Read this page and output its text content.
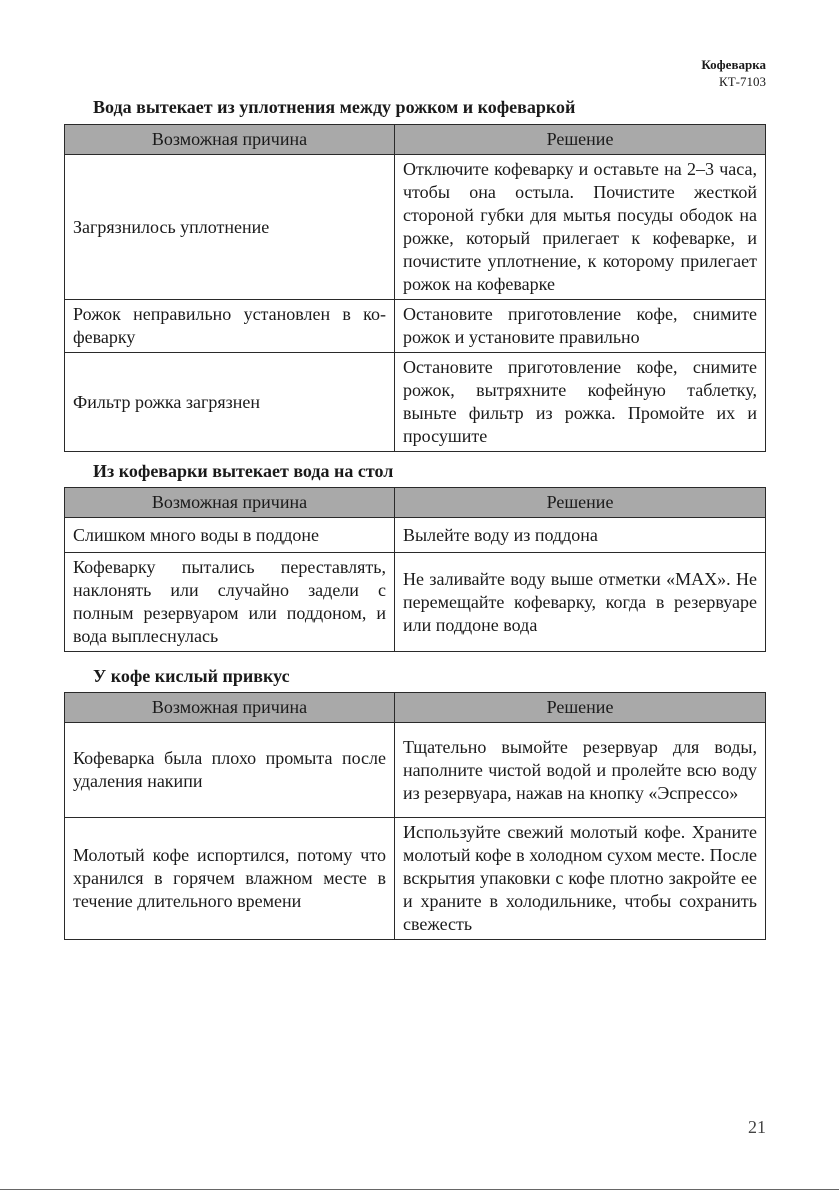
Кофеварка
КТ-7103
Вода вытекает из уплотнения между рожком и кофеваркой
Возможная причина	Решение
Загрязнилось уплотнение	Отключите кофеварку и оставьте на 2–3 часа, чтобы она остыла. Почистите жесткой стороной губки для мытья посуды ободок на рожке, который прилегает к кофеварке, и почистите уплотнение, к которому прилегает рожок на кофеварке
Рожок неправильно установлен в кофеварку	Остановите приготовление кофе, снимите рожок и установите правильно
Фильтр рожка загрязнен	Остановите приготовление кофе, снимите рожок, вытряхните кофейную таблетку, выньте фильтр из рожка. Промойте их и просушите
Из кофеварки вытекает вода на стол
Возможная причина	Решение
Слишком много воды в поддоне	Вылейте воду из поддона
Кофеварку пытались переставлять, наклонять или случайно задели с полным резервуаром или поддоном, и вода выплеснулась	Не заливайте воду выше отметки «MAX». Не перемещайте кофеварку, когда в резервуаре или поддоне вода
У кофе кислый привкус
Возможная причина	Решение
Кофеварка была плохо промыта после удаления накипи	Тщательно вымойте резервуар для воды, наполните чистой водой и пролейте всю воду из резервуара, нажав на кнопку «Эспрессо»
Молотый кофе испортился, потому что хранился в горячем влажном месте в течение длительного времени	Используйте свежий молотый кофе. Храните молотый кофе в холодном сухом месте. После вскрытия упаковки с кофе плотно закройте ее и храните в холодильнике, чтобы сохранить свежесть
21
